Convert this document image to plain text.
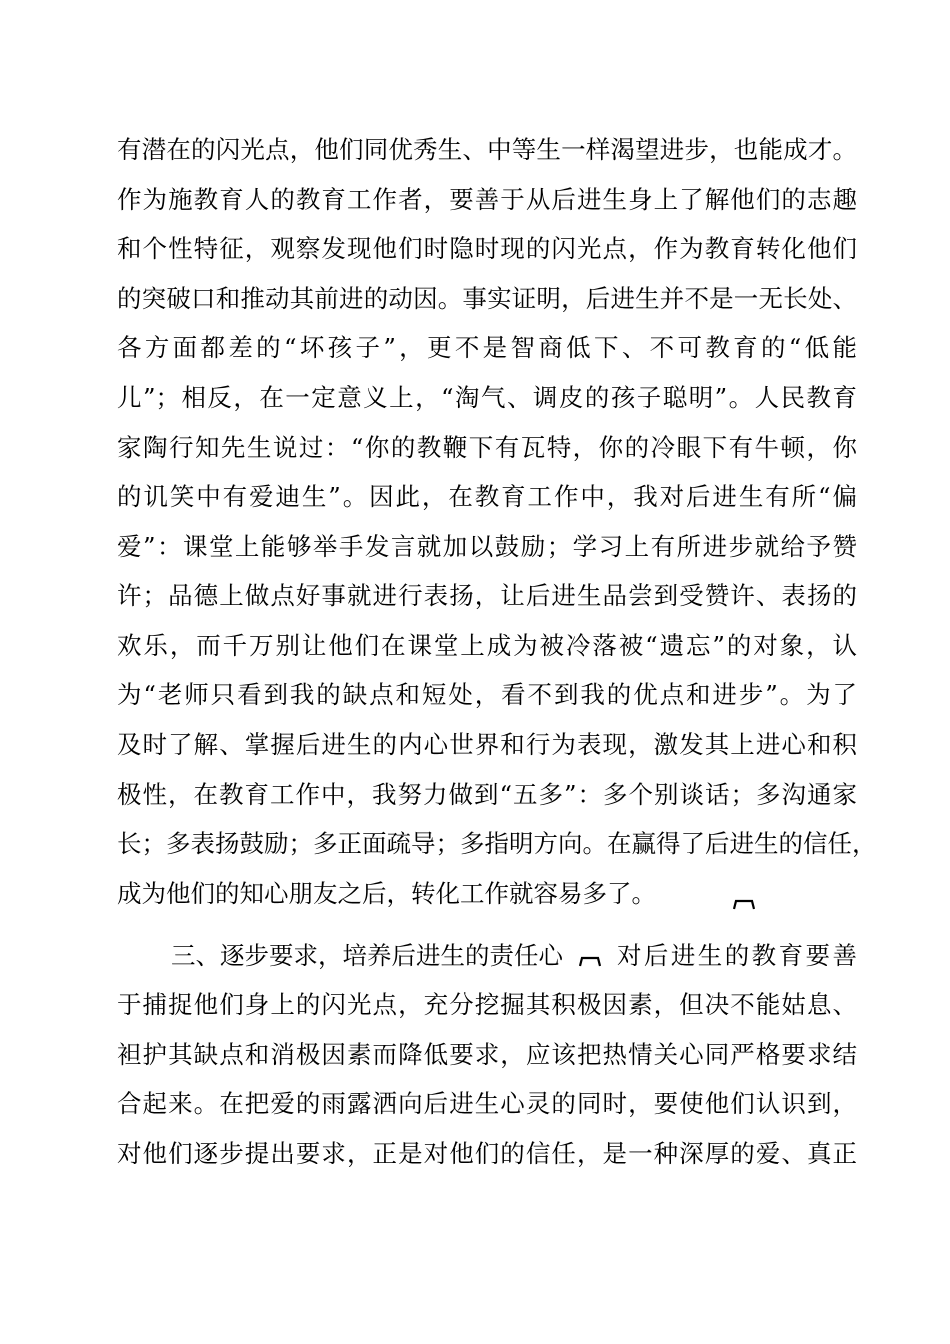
有潜在的闪光点，他们同优秀生、中等生一样渴望进步，也能成才。
作为施教育人的教育工作者，要善于从后进生身上了解他们的志趣
和个性特征，观察发现他们时隐时现的闪光点，作为教育转化他们
的突破口和推动其前进的动因。事实证明，后进生并不是一无长处、
各方面都差的“坏孩子”，更不是智商低下、不可教育的“低能
儿”；相反，在一定意义上，“淘气、调皮的孩子聪明”。人民教育
家陶行知先生说过：“你的教鞭下有瓦特，你的冷眼下有牛顿，你
的讥笑中有爱迪生”。因此，在教育工作中，我对后进生有所“偏
爱”：课堂上能够举手发言就加以鼓励；学习上有所进步就给予赞
许；品德上做点好事就进行表扬，让后进生品尝到受赞许、表扬的
欢乐，而千万别让他们在课堂上成为被冷落被“遗忘”的对象，认
为“老师只看到我的缺点和短处，看不到我的优点和进步”。为了
及时了解、掌握后进生的内心世界和行为表现，激发其上进心和积
极性，在教育工作中，我努力做到“五多”：多个别谈话；多沟通家
长；多表扬鼓励；多正面疏导；多指明方向。在赢得了后进生的信任，
成为他们的知心朋友之后，转化工作就容易多了。
三、逐步要求，培养后进生的责任心	对后进生的教育要善
于捕捉他们身上的闪光点，充分挖掘其积极因素，但决不能姑息、
袒护其缺点和消极因素而降低要求，应该把热情关心同严格要求结
合起来。在把爱的雨露洒向后进生心灵的同时，要使他们认识到，
对他们逐步提出要求，正是对他们的信任，是一种深厚的爱、真正
